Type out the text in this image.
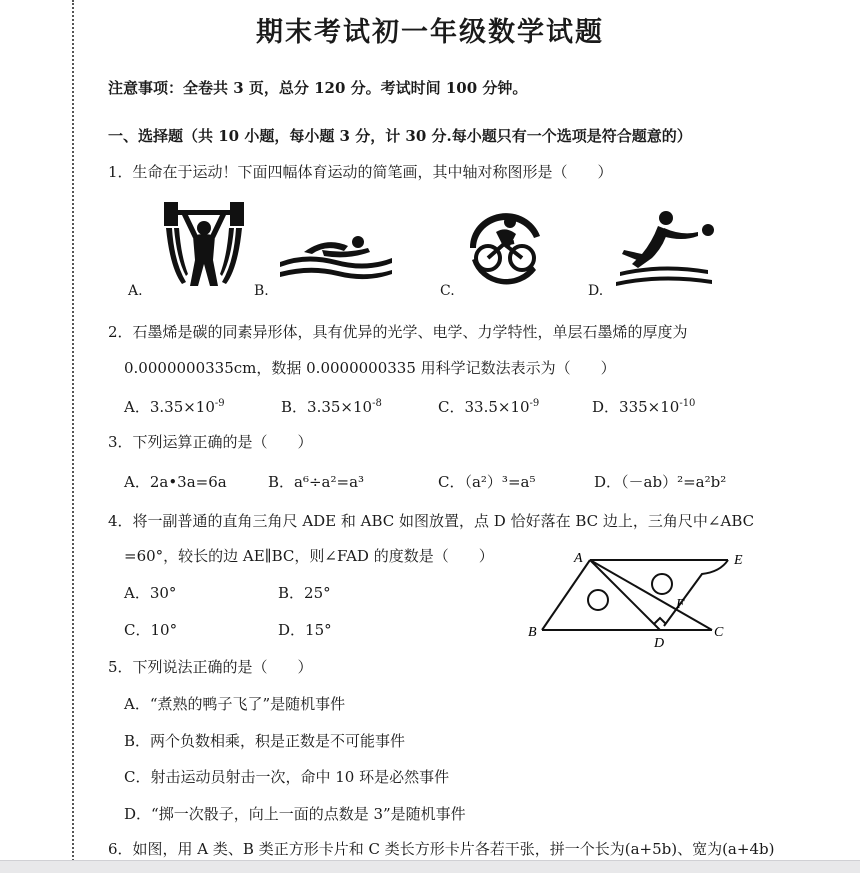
期末考试初一年级数学试题
注意事项：全卷共 3 页，总分 120 分。考试时间 100 分钟。
一、选择题（共 10 小题，每小题 3 分，计 30 分.每小题只有一个选项是符合题意的）
1．生命在于运动！下面四幅体育运动的简笔画，其中轴对称图形是（　　）
A.	B.	C.	D.
2．石墨烯是碳的同素异形体，具有优异的光学、电学、力学特性，单层石墨烯的厚度为
0.0000000335cm，数据 0.0000000335 用科学记数法表示为（　　）
A．$3.35\times 10^{-9}$	B．$3.35\times 10^{-8}$	C．$33.5\times 10^{-9}$	D．$335\times 10^{-10}$
3．下列运算正确的是（　　）
A．2a•3a=6a	B．a⁶÷a²=a³	C．（a²）³=a⁵	D．（－ab）²=a²b²
4．将一副普通的直角三角尺 ADE 和 ABC 如图放置，点 D 恰好落在 BC 边上，三角尺中∠ABC
=60°，较长的边 AE∥BC，则∠FAD 的度数是（　　）
A．30°	B．25°
C．10°	D．15°
A	E
B	C
D
F
5．下列说法正确的是（　　）
A．“煮熟的鸭子飞了”是随机事件
B．两个负数相乘，积是正数是不可能事件
C．射击运动员射击一次，命中 10 环是必然事件
D．“掷一次骰子，向上一面的点数是 3”是随机事件
6．如图，用 A 类、B 类正方形卡片和 C 类长方形卡片各若干张，拼一个长为(a+5b)、宽为(a+4b)
